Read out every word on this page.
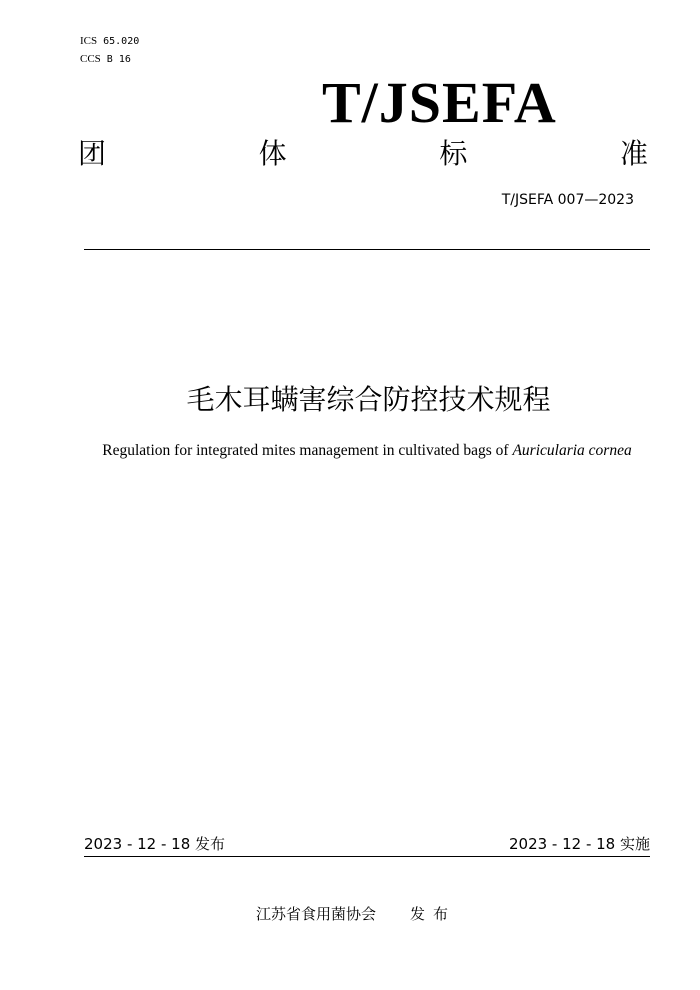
ICS 65.020
CCS B 16
T/JSEFA
团	体	标	准
T/JSEFA 007—2023
毛木耳螨害综合防控技术规程
Regulation for integrated mites management in cultivated bags of Auricularia cornea
2023 - 12 - 18 发布	2023 - 12 - 18 实施
江苏省食用菌协会 发布
